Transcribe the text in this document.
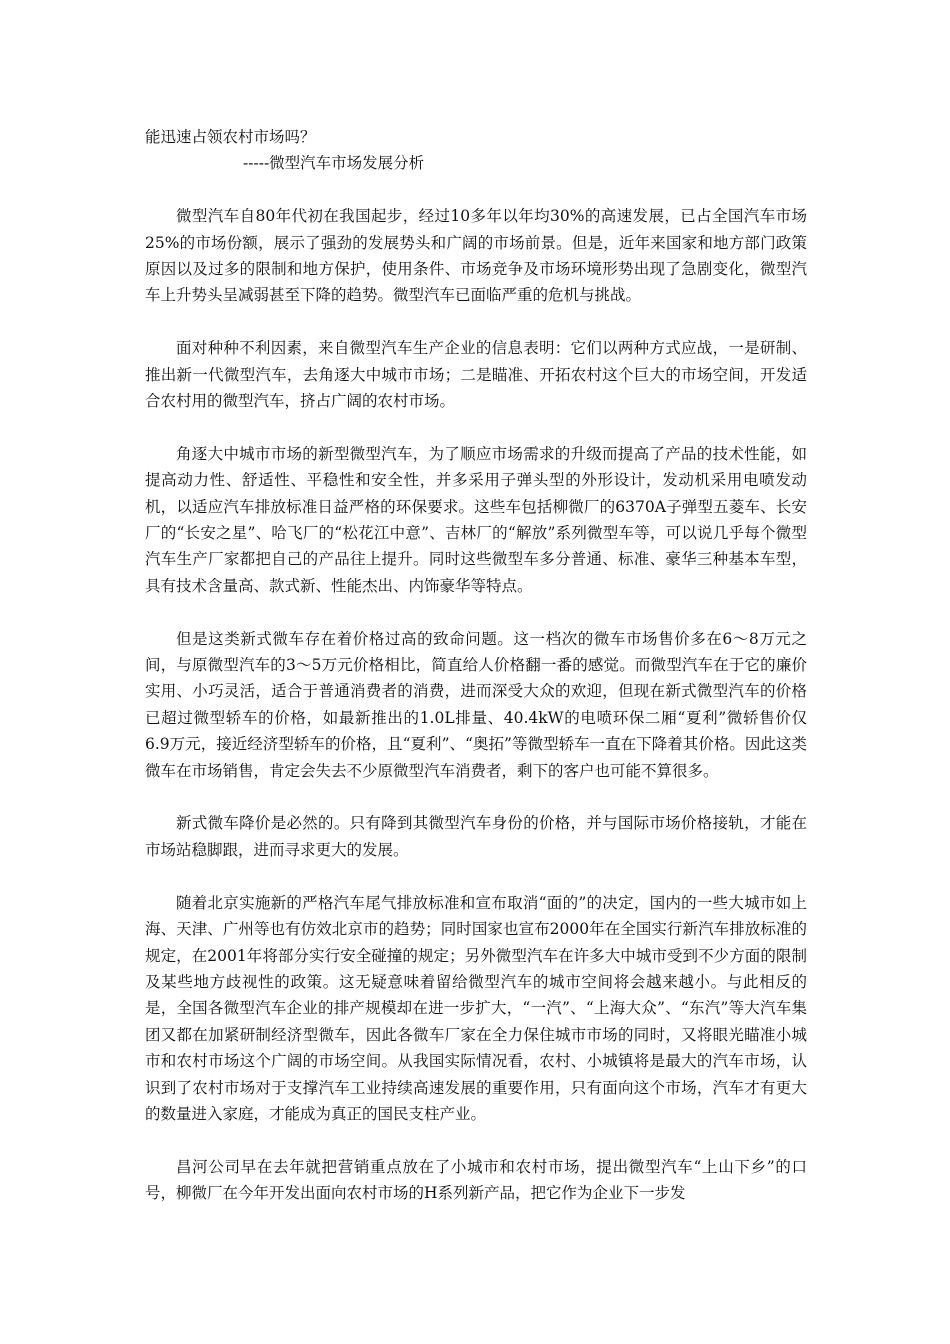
能迅速占领农村市场吗？
-----微型汽车市场发展分析

微型汽车自80年代初在我国起步，经过10多年以年均30%的高速发展，已占全国汽车市场25%的市场份额，展示了强劲的发展势头和广阔的市场前景。但是，近年来国家和地方部门政策原因以及过多的限制和地方保护，使用条件、市场竞争及市场环境形势出现了急剧变化，微型汽车上升势头呈减弱甚至下降的趋势。微型汽车已面临严重的危机与挑战。

面对种种不利因素，来自微型汽车生产企业的信息表明：它们以两种方式应战，一是研制、推出新一代微型汽车，去角逐大中城市市场；二是瞄准、开拓农村这个巨大的市场空间，开发适合农村用的微型汽车，挤占广阔的农村市场。

角逐大中城市市场的新型微型汽车，为了顺应市场需求的升级而提高了产品的技术性能，如提高动力性、舒适性、平稳性和安全性，并多采用子弹头型的外形设计，发动机采用电喷发动机，以适应汽车排放标准日益严格的环保要求。这些车包括柳微厂的6370A子弹型五菱车、长安厂的“长安之星”、哈飞厂的“松花江中意”、吉林厂的“解放”系列微型车等，可以说几乎每个微型汽车生产厂家都把自己的产品往上提升。同时这些微型车多分普通、标准、豪华三种基本车型，具有技术含量高、款式新、性能杰出、内饰豪华等特点。

但是这类新式微车存在着价格过高的致命问题。这一档次的微车市场售价多在6～8万元之间，与原微型汽车的3～5万元价格相比，简直给人价格翻一番的感觉。而微型汽车在于它的廉价实用、小巧灵活，适合于普通消费者的消费，进而深受大众的欢迎，但现在新式微型汽车的价格已超过微型轿车的价格，如最新推出的1.0L排量、40.4kW的电喷环保二厢“夏利”微轿售价仅6.9万元，接近经济型轿车的价格，且“夏利”、“奥拓”等微型轿车一直在下降着其价格。因此这类微车在市场销售，肯定会失去不少原微型汽车消费者，剩下的客户也可能不算很多。

新式微车降价是必然的。只有降到其微型汽车身份的价格，并与国际市场价格接轨，才能在市场站稳脚跟，进而寻求更大的发展。

随着北京实施新的严格汽车尾气排放标准和宣布取消“面的”的决定，国内的一些大城市如上海、天津、广州等也有仿效北京市的趋势；同时国家也宣布2000年在全国实行新汽车排放标准的规定，在2001年将部分实行安全碰撞的规定；另外微型汽车在许多大中城市受到不少方面的限制及某些地方歧视性的政策。这无疑意味着留给微型汽车的城市空间将会越来越小。与此相反的是，全国各微型汽车企业的排产规模却在进一步扩大，“一汽”、“上海大众”、“东汽”等大汽车集团又都在加紧研制经济型微车，因此各微车厂家在全力保住城市市场的同时，又将眼光瞄准小城市和农村市场这个广阔的市场空间。从我国实际情况看，农村、小城镇将是最大的汽车市场，认识到了农村市场对于支撑汽车工业持续高速发展的重要作用，只有面向这个市场，汽车才有更大的数量进入家庭，才能成为真正的国民支柱产业。

昌河公司早在去年就把营销重点放在了小城市和农村市场，提出微型汽车“上山下乡”的口号，柳微厂在今年开发出面向农村市场的H系列新产品，把它作为企业下一步发
